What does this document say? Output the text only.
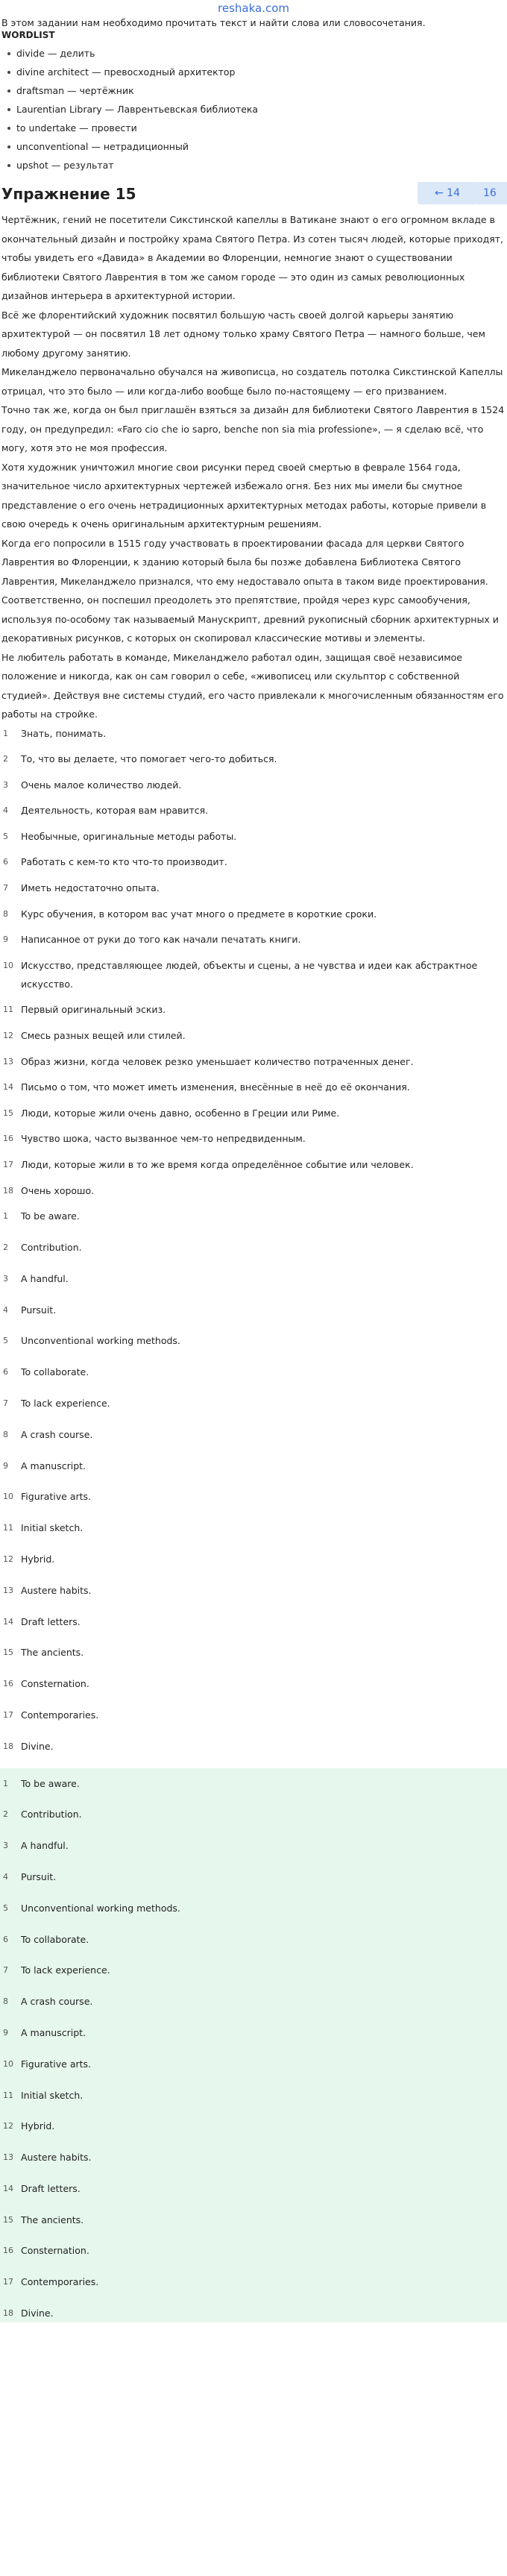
reshaka.com
В этом задании нам необходимо прочитать текст и найти слова или словосочетания.
WORDLIST
divide — делить
divine architect — превосходный архитектор
draftsman — чертёжник
Laurentian Library — Лаврентьевская библиотека
to undertake — провести
unconventional — нетрадиционный
upshot — результат
Упражнение 15	← 14	16

Чертёжник, гений не посетители Сикстинской капеллы в Ватикане знают о его огромном вкладе в окончательный дизайн и постройку храма Святого Петра. Из сотен тысяч людей, которые приходят, чтобы увидеть его «Давида» в Академии во Флоренции, немногие знают о существовании библиотеки Святого Лаврентия в том же самом городе — это один из самых революционных дизайнов интерьера в архитектурной истории.

Всё же флорентийский художник посвятил большую часть своей долгой карьеры занятию архитектурой — он посвятил 18 лет одному только храму Святого Петра — намного больше, чем любому другому занятию.

Микеланджело первоначально обучался на живописца, но создатель потолка Сикстинской Капеллы отрицал, что это было — или когда-либо вообще было по-настоящему — его призванием.

Точно так же, когда он был приглашён взяться за дизайн для библиотеки Святого Лаврентия в 1524 году, он предупредил: «Faro cio che io sapro, benche non sia mia professione», — я сделаю всё, что могу, хотя это не моя профессия.

Хотя художник уничтожил многие свои рисунки перед своей смертью в феврале 1564 года, значительное число архитектурных чертежей избежало огня. Без них мы имели бы смутное представление о его очень нетрадиционных архитектурных методах работы, которые привели в свою очередь к очень оригинальным архитектурным решениям.

Когда его попросили в 1515 году участвовать в проектировании фасада для церкви Святого Лаврентия во Флоренции, к зданию который была бы позже добавлена Библиотека Святого Лаврентия, Микеланджело признался, что ему недоставало опыта в таком виде проектирования. Соответственно, он поспешил преодолеть это препятствие, пройдя через курс самообучения, используя по-особому так называемый Манускрипт, древний рукописный сборник архитектурных и декоративных рисунков, с которых он скопировал классические мотивы и элементы.

Не любитель работать в команде, Микеланджело работал один, защищая своё независимое положение и никогда, как он сам говорил о себе, «живописец или скульптор с собственной студией». Действуя вне системы студий, его часто привлекали к многочисленным обязанностям его работы на стройке.

1	Знать, понимать.
2	То, что вы делаете, что помогает чего-то добиться.
3	Очень малое количество людей.
4	Деятельность, которая вам нравится.
5	Необычные, оригинальные методы работы.
6	Работать с кем-то кто что-то производит.
7	Иметь недостаточно опыта.
8	Курс обучения, в котором вас учат много о предмете в короткие сроки.
9	Написанное от руки до того как начали печатать книги.
10 Искусство, представляющее людей, объекты и сцены, а не чувства и идеи как абстрактное искусство.
11 Первый оригинальный эскиз.
12 Смесь разных вещей или стилей.
13 Образ жизни, когда человек резко уменьшает количество потраченных денег.
14 Письмо о том, что может иметь изменения, внесённые в неё до её окончания.
15 Люди, которые жили очень давно, особенно в Греции или Риме.
16 Чувство шока, часто вызванное чем-то непредвиденным.
17 Люди, которые жили в то же время когда определённое событие или человек.
18 Очень хорошо.
1	To be aware.
2	Contribution.
3	A handful.
4	Pursuit.
5	Unconventional working methods.
6	To collaborate.
7	To lack experience.
8	A crash course.
9	A manuscript.
10 Figurative arts.
11 Initial sketch.
12 Hybrid.
13 Austere habits.
14 Draft letters.
15 The ancients.
16 Consternation.
17 Contemporaries.
18 Divine.
1	To be aware.
2	Contribution.
3	A handful.
4	Pursuit.
5	Unconventional working methods.
6	To collaborate.
7	To lack experience.
8	A crash course.
9	A manuscript.
10 Figurative arts.
11 Initial sketch.
12 Hybrid.
13 Austere habits.
14 Draft letters.
15 The ancients.
16 Consternation.
17 Contemporaries.
18 Divine.
